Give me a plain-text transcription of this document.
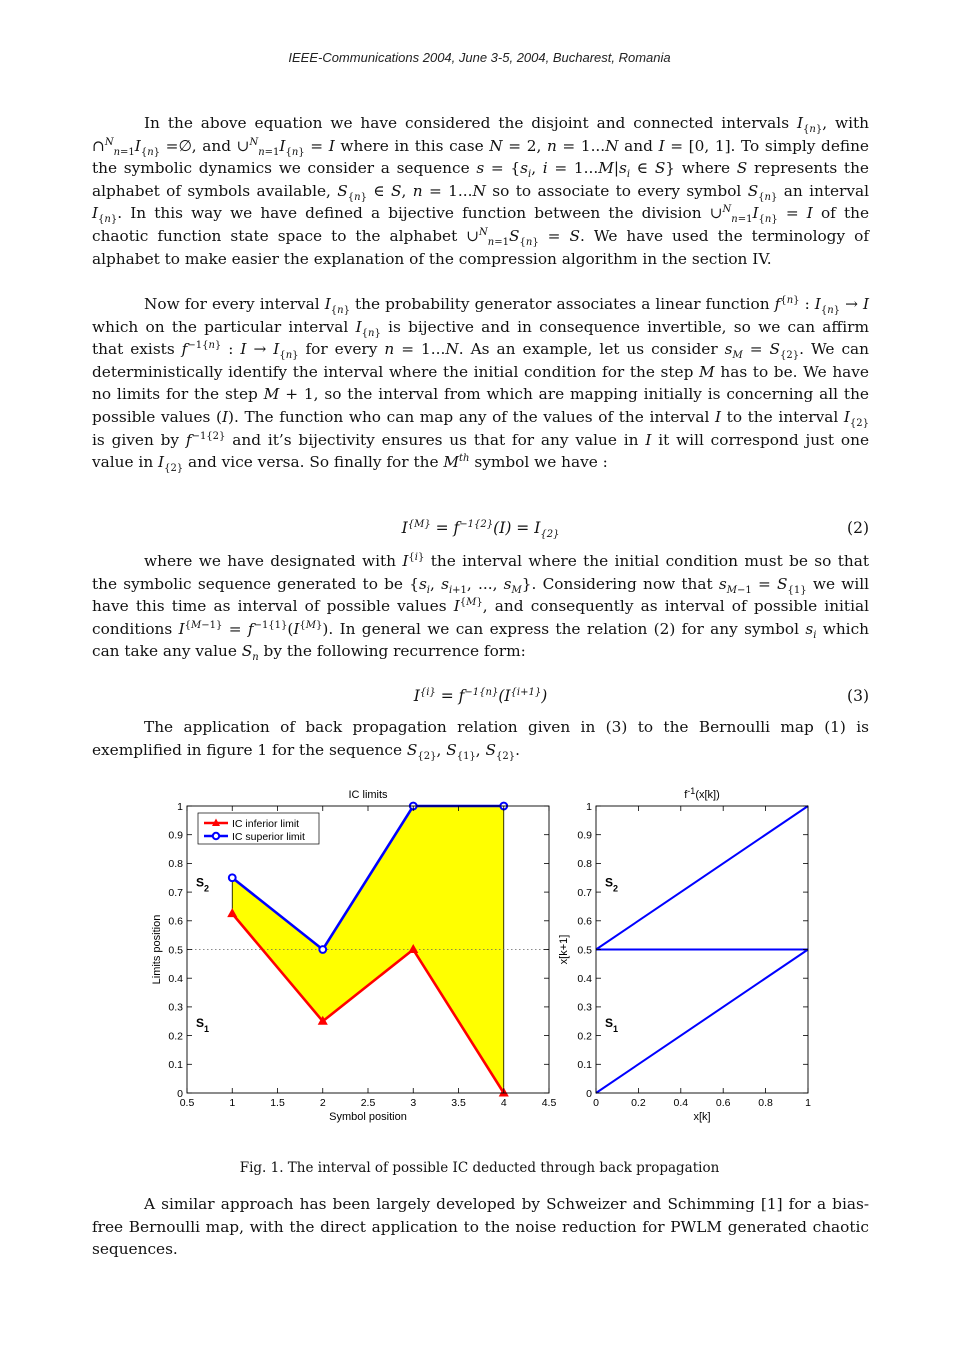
IEEE-Communications 2004, June 3-5, 2004, Bucharest, Romania

In the above equation we have considered the disjoint and connected intervals $I_{\{n\}}$, with $\cap^N_{n=1}I_{\{n\}}$ =∅, and $\cup^N_{n=1}I_{\{n\}} = I$ where in this case N = 2, n = 1...N and I = [0, 1]. To simply define the symbolic dynamics we consider a sequence $s = \{s_i$, $i = 1...M|s_i$ ∈ S} where S represents the alphabet of symbols available, $S_{\{n\}}$ ∈ S, n = 1...N so to associate to every symbol $S_{\{n\}}$ an interval $I_{\{n\}}$. In this way we have defined a bijective function between the division $\cup^N_{n=1}I_{\{n\}} = I$ of the chaotic function state space to the alphabet $\cup^N_{n=1}S_{\{n\}} = S$. We have used the terminology of alphabet to make easier the explanation of the compression algorithm in the section IV.

Now for every interval $I_{\{n\}}$ the probability generator associates a linear function $f^{\{n\}}$ : $I_{\{n\}} \to I$ which on the particular interval $I_{\{n\}}$ is bijective and in consequence invertible, so we can affirm that exists $f^{-1\{n\}}$ : $I \to I_{\{n\}}$ for every n = 1...N. As an example, let us consider $s_M = S_{\{2\}}$. We can deterministically identify the interval where the initial condition for the step M has to be. We have no limits for the step M + 1, so the interval from which are mapping initially is concerning all the possible values (I). The function who can map any of the values of the interval I to the interval $I_{\{2\}}$ is given by $f^{-1\{2\}}$ and it’s bijectivity ensures us that for any value in I it will correspond just one value in $I_{\{2\}}$ and vice versa. So finally for the Mth symbol we have :

$I^{\{M\}} = f^{-1\{2\}}(I) = I_{\{2\}}$	(2)

where we have designated with $I^{\{i\}}$ the interval where the initial condition must be so that the symbolic sequence generated to be {$s_i$, $s_{i+1}$, ..., $s_M$}. Considering now that $s_{M-1} = S_{\{1\}}$ we will have this time as interval of possible values $I^{\{M\}}$, and consequently as interval of possible initial conditions $I^{\{M-1\}} = f^{-1\{1\}}(I^{\{M\}})$. In general we can express the relation (2) for any symbol $s_i$ which can take any value $S_n$ by the following recurrence form:

$I^{\{i\}} = f^{-1\{n\}}(I^{\{i+1\}})$	(3)

The application of back propagation relation given in (3) to the Bernoulli map (1) is exemplified in figure 1 for the sequence $S_{\{2\}}$, $S_{\{1\}}$, $S_{\{2\}}$.

0.5	1	1.5	2	2.5	3	3.5	4	4.5
0
0.1
0.2
0.3
0.4
0.5
0.6
0.7
0.8
0.9
1
IC limits
Symbol position
Limits position
$S_2$
$S_1$
IC inferior limit
IC superior limit
0	0.2	0.4	0.6	0.8	1
0
0.1
0.2
0.3
0.4
0.5
0.6
0.7
0.8
0.9
1
$f^{-1}(x[k])$
x[k]
x[k+1]
$S_2$
$S_1$
Fig. 1. The interval of possible IC deducted through back propagation

A similar approach has been largely developed by Schweizer and Schimming [1] for a bias-free Bernoulli map, with the direct application to the noise reduction for PWLM generated chaotic sequences.
